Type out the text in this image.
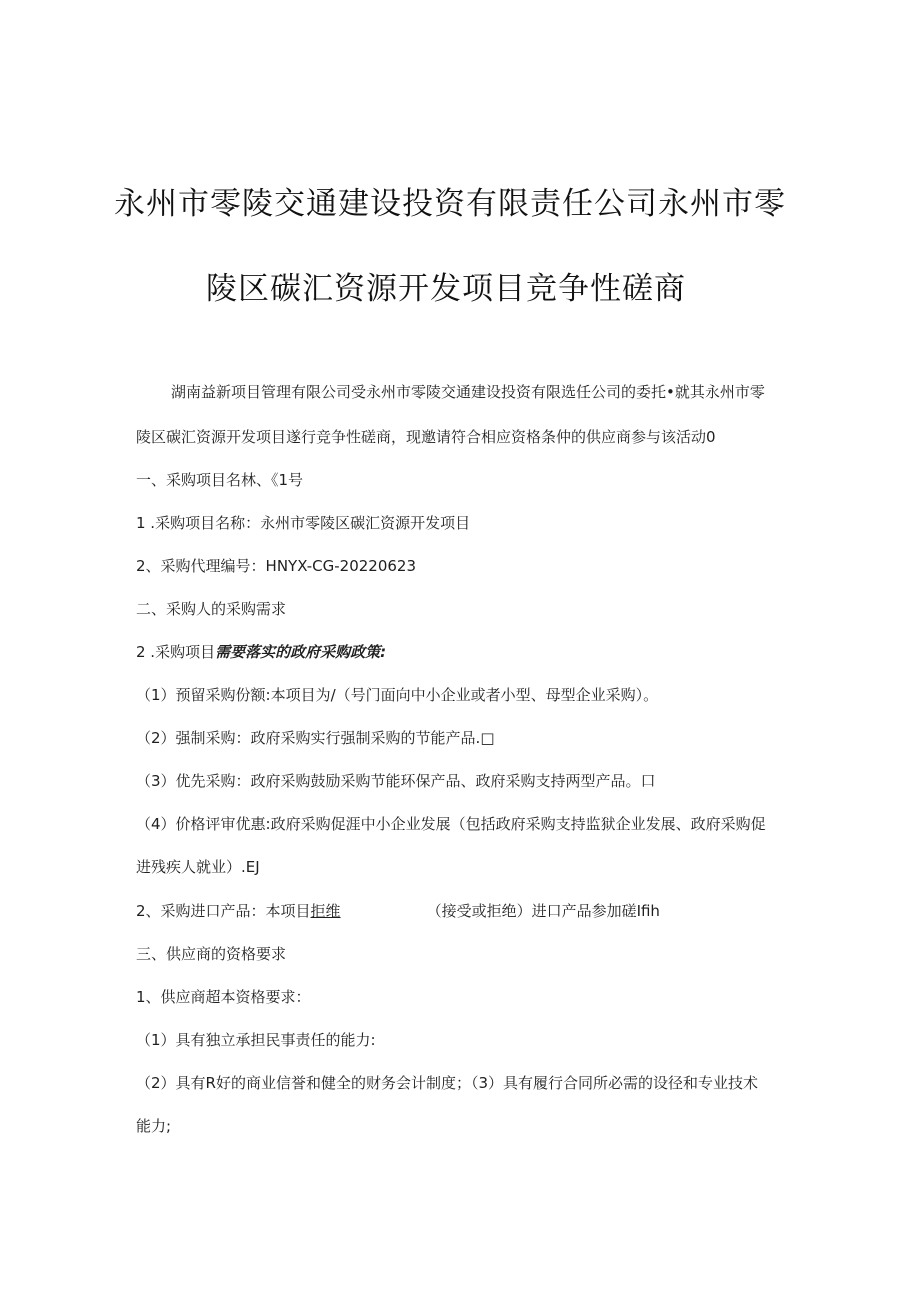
永州市零陵交通建设投资有限责任公司永州市零
陵区碳汇资源开发项目竞争性磋商
湖南益新项目管理有限公司受永州市零陵交通建设投资有限选任公司的委托•就其永州市零
陵区碳汇资源开发项目遂行竞争性磋商，现邀请符合相应资格条仲的供应商参与该活动0
一、采购项目名林、《1号
1 .采购项目名称：永州市零陵区碳汇资源开发项目
2、采购代理编号：HNYX-CG-20220623
二、采购人的采购需求
2 .采购项目需要落实的政府采购政策:
（1）预留采购份额:本项目为/（号门面向中小企业或者小型、母型企业采购）。
（2）强制采购：政府采购实行强制采购的节能产品.□
（3）优先采购：政府采购鼓励采购节能环保产品、政府采购支持两型产品。口
（4）价格评审优惠:政府采购促涯中小企业发展（包括政府采购支持监狱企业发展、政府采购促
进残疾人就业）.EJ
2、采购进口产品：本项目拒维	（接受或拒绝）进口产品参加磋Ifih
三、供应商的资格要求
1、供应商超本资格要求：
（1）具有独立承担民事责任的能力:
（2）具有R好的商业信誉和健全的财务会计制度；（3）具有履行合同所必需的设径和专业技术
能力;
